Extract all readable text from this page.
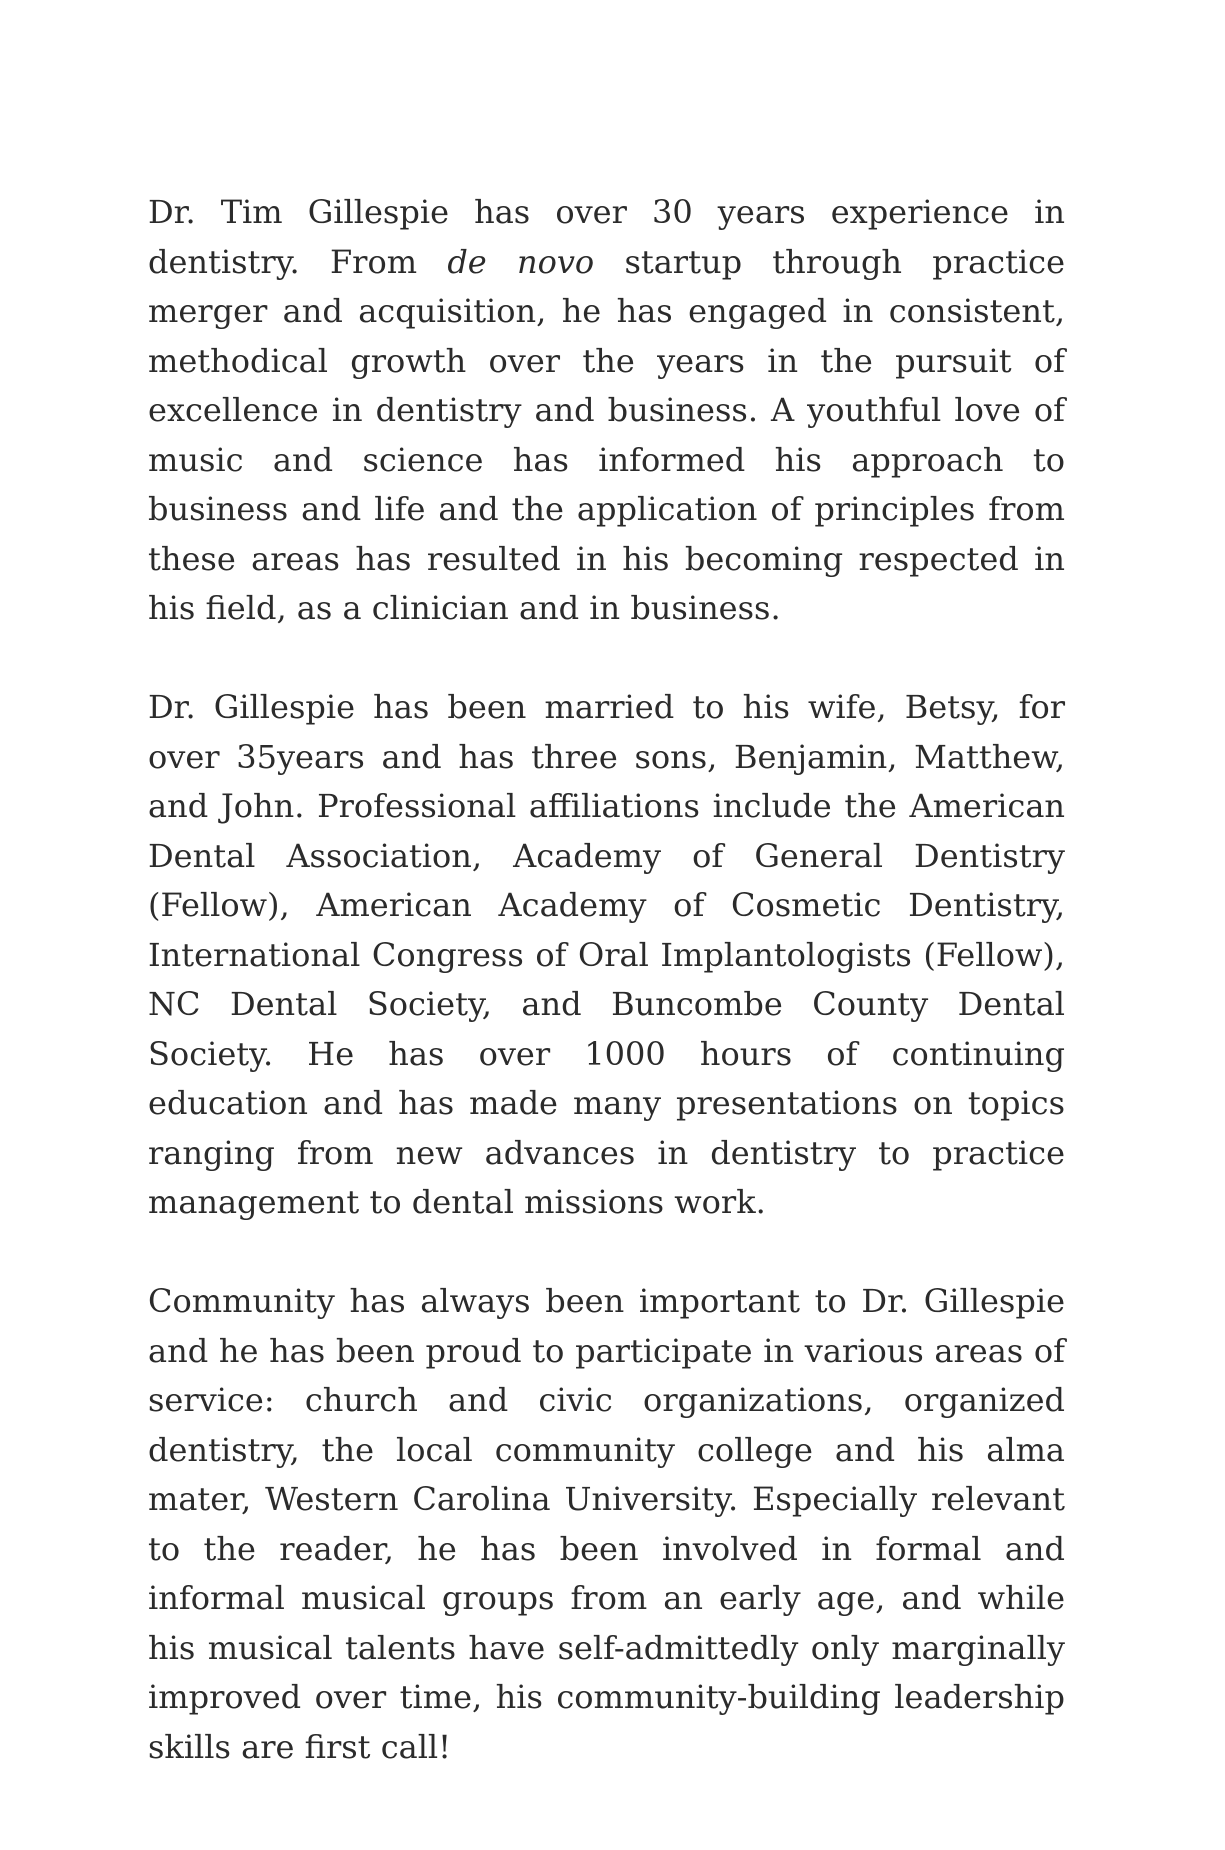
Dr. Tim Gillespie has over 30 years experience in dentistry. From de novo startup through practice merger and acquisition, he has engaged in consistent, methodical growth over the years in the pursuit of excellence in dentistry and business. A youthful love of music and science has informed his approach to business and life and the application of principles from these areas has resulted in his becoming respected in his field, as a clinician and in business.

Dr. Gillespie has been married to his wife, Betsy, for over 35years and has three sons, Benjamin, Matthew, and John. Professional affiliations include the American Dental Association, Academy of General Dentistry (Fellow), American Academy of Cosmetic Dentistry, International Congress of Oral Implantologists (Fellow), NC Dental Society, and Buncombe County Dental Society. He has over 1000 hours of continuing education and has made many presentations on topics ranging from new advances in dentistry to practice management to dental missions work.

Community has always been important to Dr. Gillespie and he has been proud to participate in various areas of service: church and civic organizations, organized dentistry, the local community college and his alma mater, Western Carolina University. Especially relevant to the reader, he has been involved in formal and informal musical groups from an early age, and while his musical talents have self-admittedly only marginally improved over time, his community-building leadership skills are first call!
